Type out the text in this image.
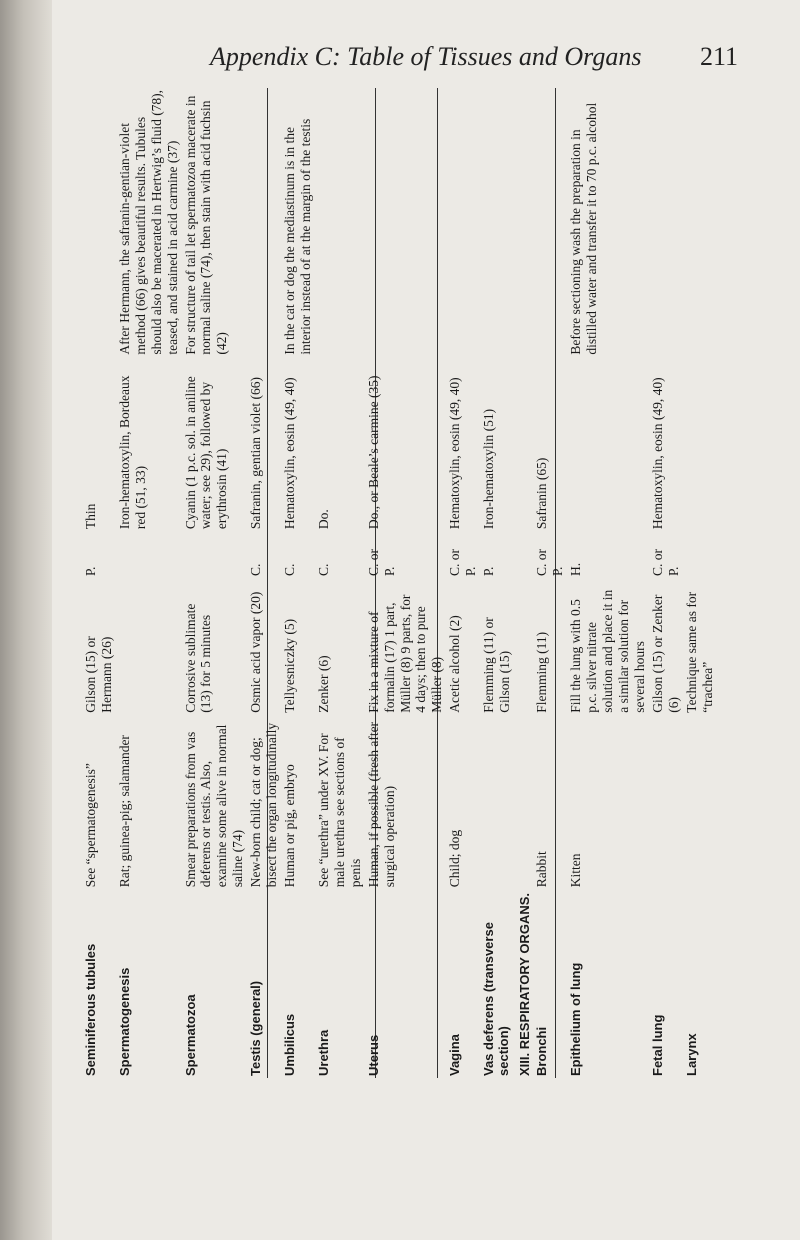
Appendix C: Table of Tissues and Organs 211
Seminiferous tubules
See “spermatogenesis”
Gilson (15) or Hermann (26)
P.
Thin
Spermatogenesis
Rat; guinea-pig; salamander
Iron-hematoxylin, Bordeaux red (51, 33)
After Hermann, the safranin-gentian-violet method (66) gives beautiful results. Tubules should also be macerated in Hertwig’s fluid (78), teased, and stained in acid carmine (37)
Spermatozoa
Smear preparations from vas deferens or testis. Also, examine some alive in normal saline (74)
Corrosive sublimate (13) for 5 minutes
Cyanin (1 p.c. sol. in aniline water; see 29), followed by erythrosin (41)
For structure of tail let spermatozoa macerate in normal saline (74), then stain with acid fuchsin (42)
Testis (general)
New-born child; cat or dog; bisect the organ longitudinally
Osmic acid vapor (20)
C.
Safranin, gentian violet (66)
Umbilicus
Human or pig, embryo
Tellyesniczky (5)
C.
Hematoxylin, eosin (49, 40)
In the cat or dog the mediastinum is in the interior instead of at the margin of the testis
Urethra
See “urethra” under XV. For male urethra see sections of penis
Zenker (6)
C.
Do.
Uterus
Human, if possible (fresh after surgical operation)
Fix in a mixture of formalin (17) 1 part, Müller (8) 9 parts, for 4 days; then to pure Müller (8)
C. or P.
Do., or Beale’s carmine (35)
Vagina
Child; dog
Acetic alcohol (2)
C. or P.
Hematoxylin, eosin (49, 40)
Vas deferens (transverse section)
Flemming (11) or Gilson (15)
P.
Iron-hematoxylin (51)
XIII. RESPIRATORY ORGANS. Bronchi
Rabbit
Flemming (11)
C. or P.
Safranin (65)
Epithelium of lung
Kitten
Fill the lung with 0.5 p.c. silver nitrate solution and place it in a similar solution for several hours
H.
Before sectioning wash the preparation in distilled water and transfer it to 70 p.c. alcohol
Fetal lung
Gilson (15) or Zenker (6)
C. or P.
Hematoxylin, eosin (49, 40)
Larynx
Technique same as for “trachea”
